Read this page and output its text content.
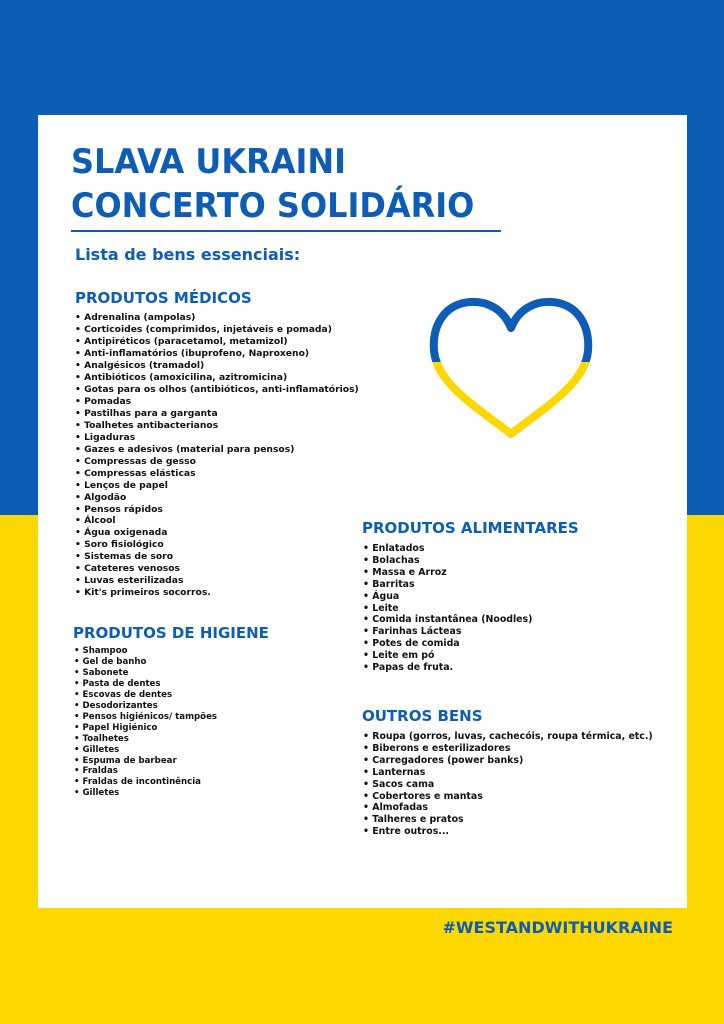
SLAVA UKRAINI
CONCERTO SOLIDÁRIO
Lista de bens essenciais:
PRODUTOS MÉDICOS
• Adrenalina (ampolas)
• Corticoides (comprimidos, injetáveis e pomada)
• Antipiréticos (paracetamol, metamizol)
• Anti-inflamatórios (ibuprofeno, Naproxeno)
• Analgésicos (tramadol)
• Antibióticos (amoxicilina, azitromicina)
• Gotas para os olhos (antibióticos, anti-inflamatórios)
• Pomadas
• Pastilhas para a garganta
• Toalhetes antibacterianos
• Ligaduras
• Gazes e adesivos (material para pensos)
• Compressas de gesso
• Compressas elásticas
• Lenços de papel
• Algodão
• Pensos rápidos
• Álcool
• Água oxigenada
• Soro fisiológico
• Sistemas de soro
• Cateteres venosos
• Luvas esterilizadas
• Kit's primeiros socorros.
PRODUTOS DE HIGIENE
• Shampoo
• Gel de banho
• Sabonete
• Pasta de dentes
• Escovas de dentes
• Desodorizantes
• Pensos higiénicos/ tampões
• Papel Higiénico
• Toalhetes
• Gilletes
• Espuma de barbear
• Fraldas
• Fraldas de incontinência
• Gilletes
PRODUTOS ALIMENTARES
• Enlatados
• Bolachas
• Massa e Arroz
• Barritas
• Água
• Leite
• Comida instantânea (Noodles)
• Farinhas Lácteas
• Potes de comida
• Leite em pó
• Papas de fruta.
OUTROS BENS
• Roupa (gorros, luvas, cachecóis, roupa térmica, etc.)
• Biberons e esterilizadores
• Carregadores (power banks)
• Lanternas
• Sacos cama
• Cobertores e mantas
• Almofadas
• Talheres e pratos
• Entre outros...

#WESTANDWITHUKRAINE
